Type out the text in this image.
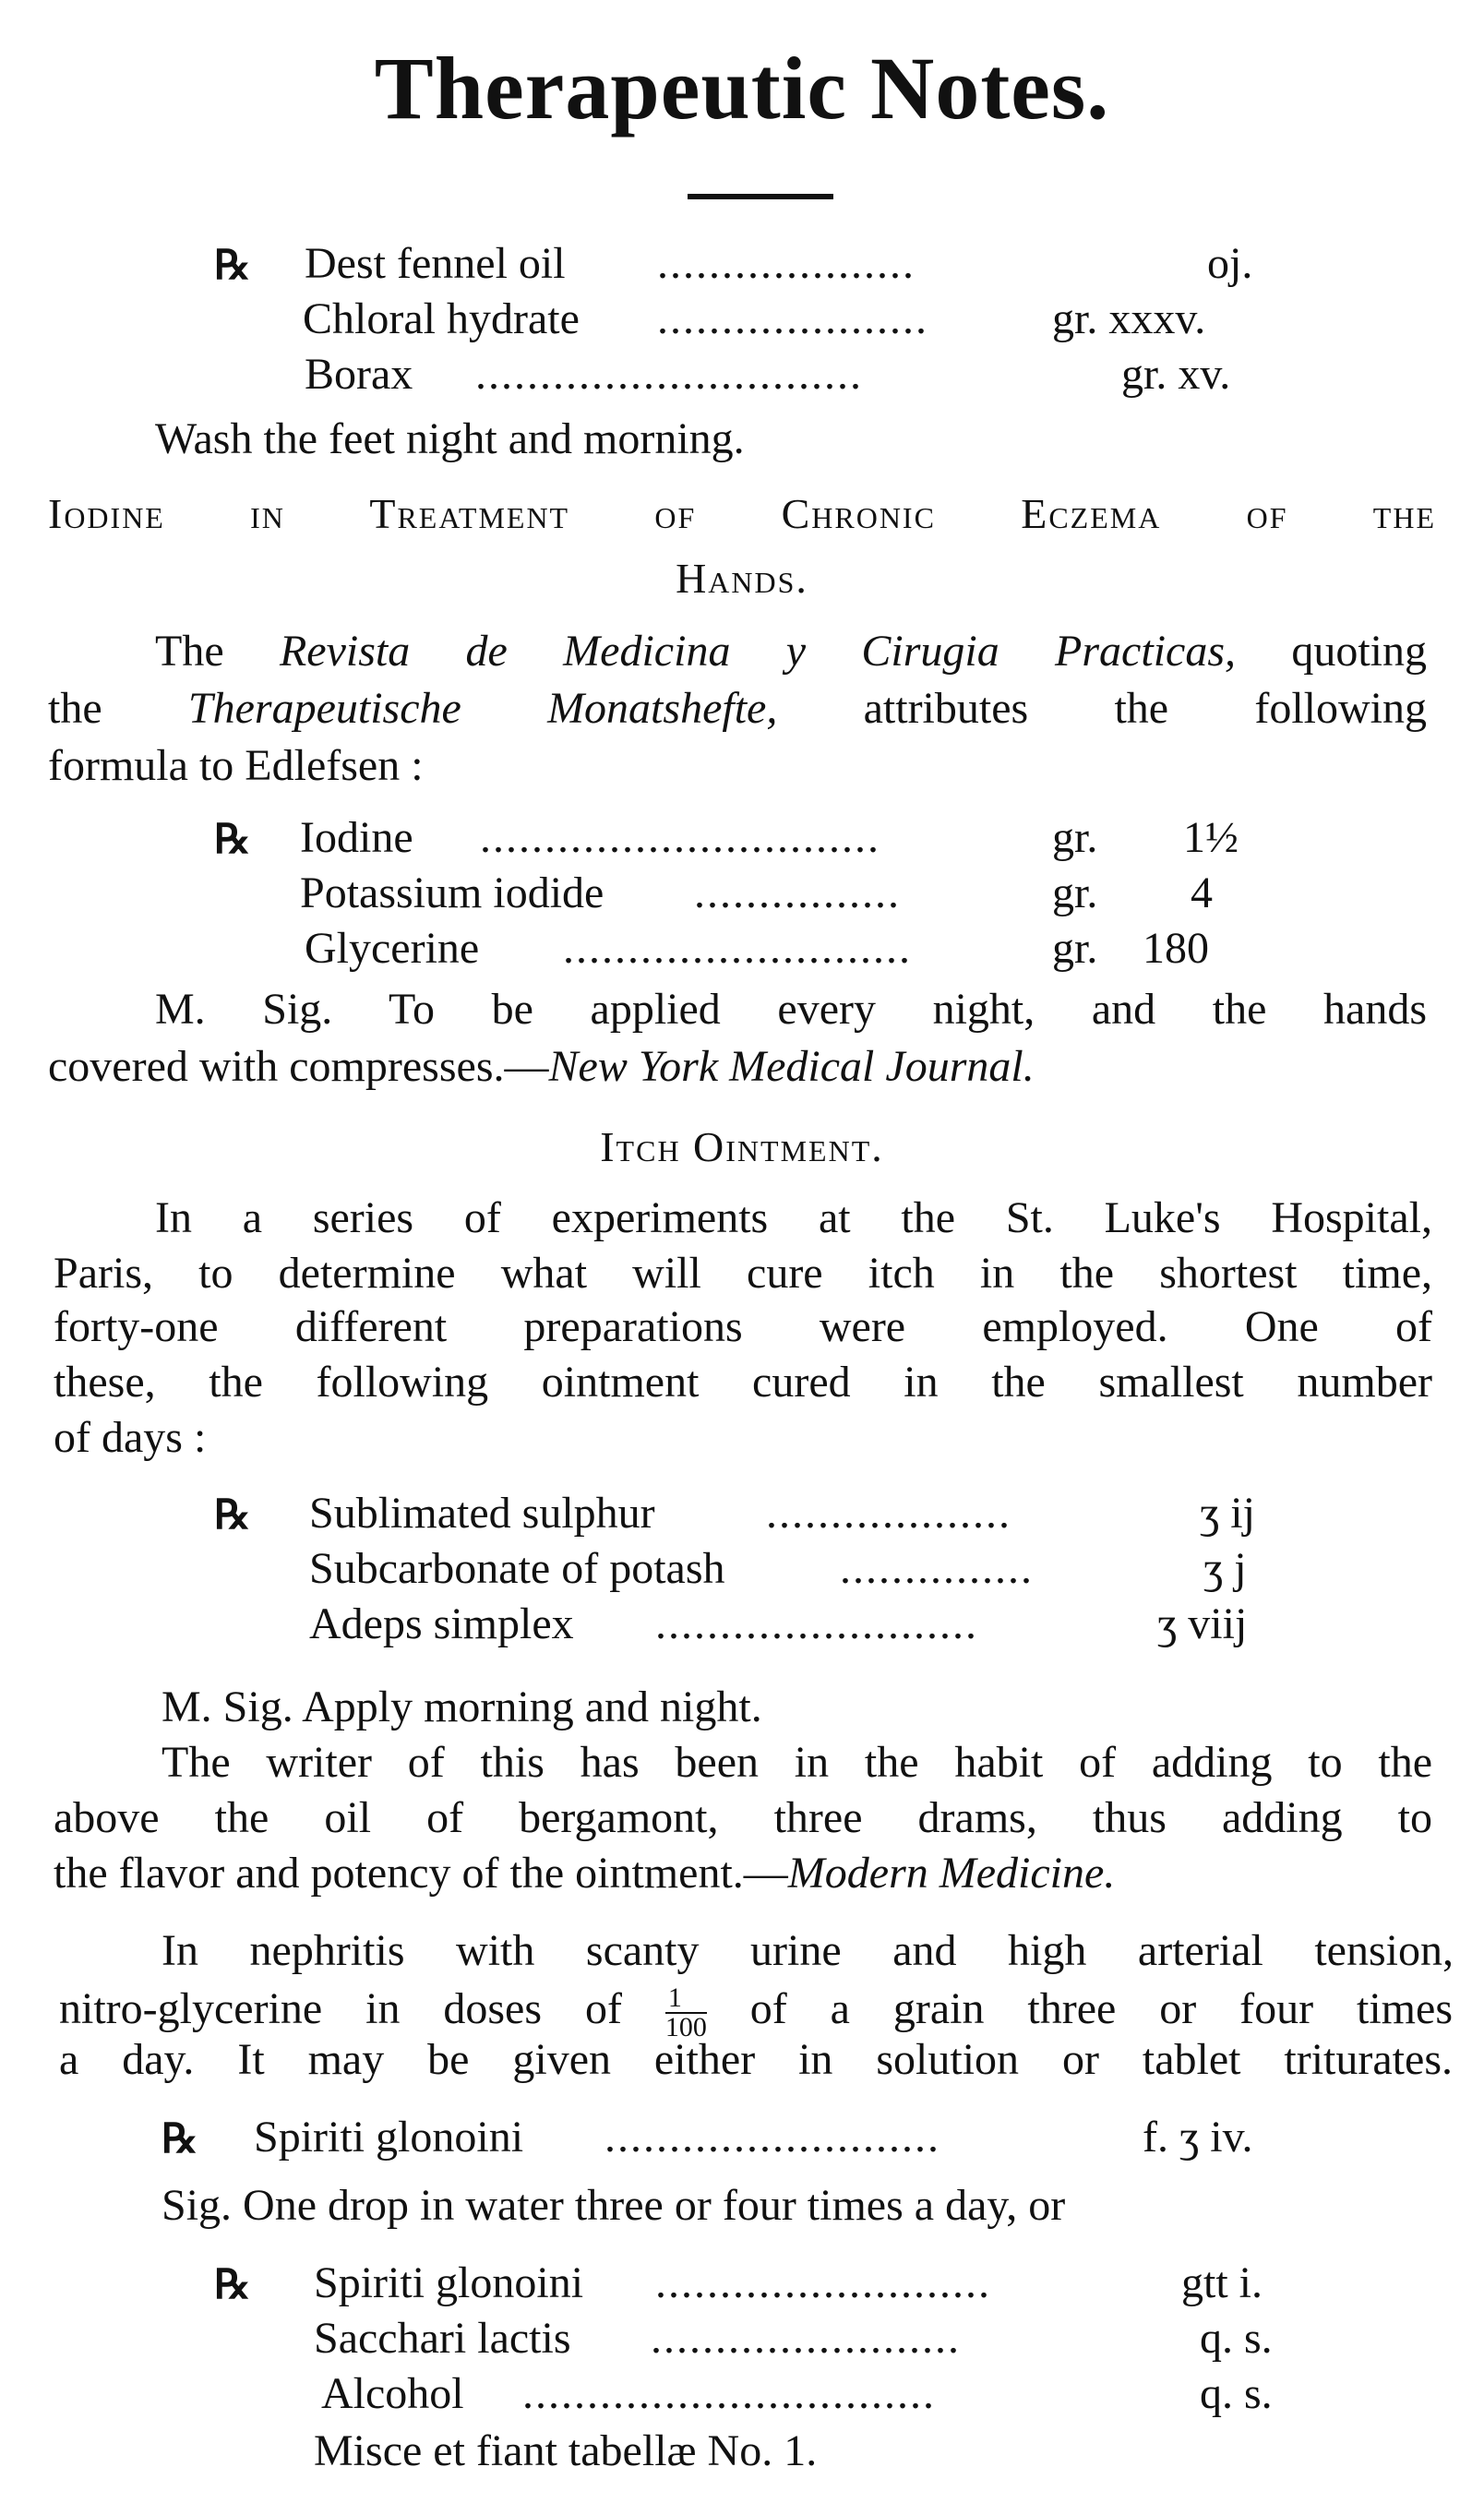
Therapeutic Notes.
℞ Dest fennel oil ....................	oj.
Chloral hydrate .....................	gr. xxxv.
Borax ..............................	gr. xv.
Wash the feet night and morning.
Iodine in Treatment of Chronic Eczema of the
Hands.
The Revista de Medicina y Cirugia Practicas, quoting
the Therapeutische Monatshefte, attributes the following
formula to Edlefsen :
℞ Iodine ...............................	gr. 1½
Potassium iodide ................	gr. 4
Glycerine ...........................	gr. 180
M. Sig. To be applied every night, and the hands
covered with compresses.—New York Medical Journal.
Itch Ointment.
In a series of experiments at the St. Luke's Hospital,
Paris, to determine what will cure itch in the shortest time,
forty-one different preparations were employed. One of
these, the following ointment cured in the smallest number
of days :
℞ Sublimated sulphur	...................	ʒ ij
Subcarbonate of potash	...............	ʒ j
Adeps simplex .........................	ʒ viij
M. Sig. Apply morning and night.
The writer of this has been in the habit of adding to the
above the oil of bergamont, three drams, thus adding to
the flavor and potency of the ointment.—Modern Medicine.
In nephritis with scanty urine and high arterial tension,
nitro-glycerine in doses of $\frac{1}{100}$ of a grain three or four times
a day. It may be given either in solution or tablet triturates.
℞ Spiriti glonoini ..........................	f. ʒ iv.
Sig. One drop in water three or four times a day, or
℞ Spiriti glonoini ..........................	gtt i.
Sacchari lactis ........................	q. s.
Alcohol ................................	q. s.
Misce et fiant tabellæ No. 1.
